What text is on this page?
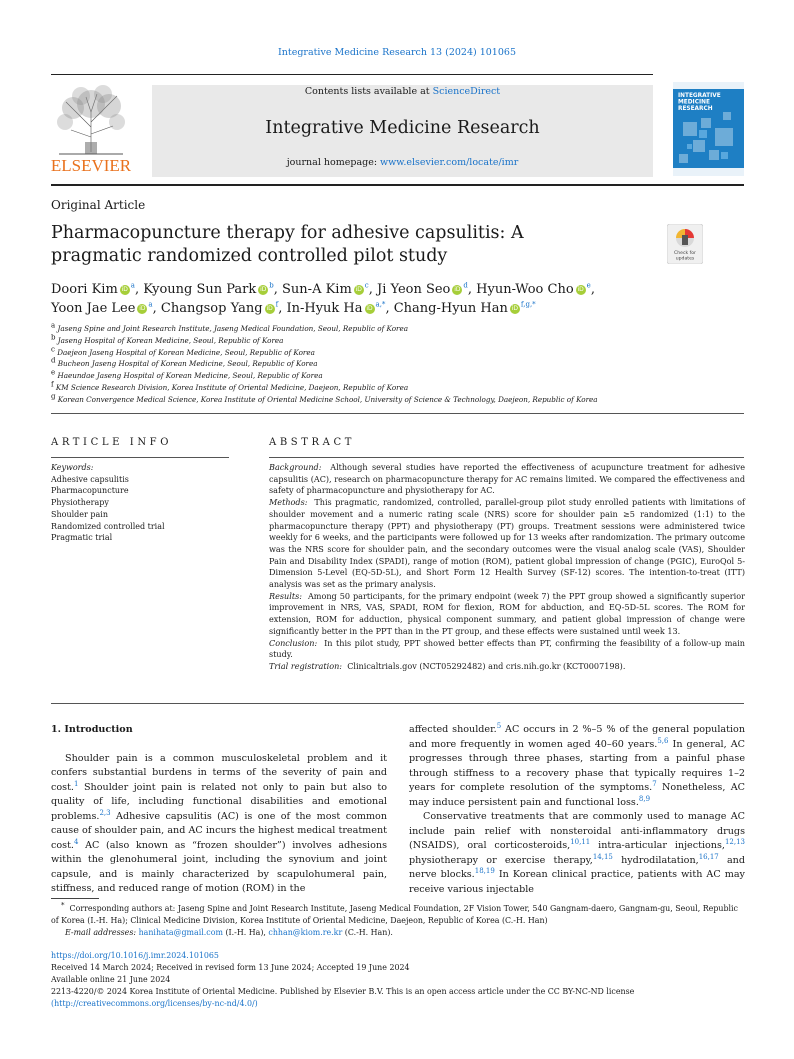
Integrative Medicine Research 13 (2024) 101065
ELSEVIER
Contents lists available at ScienceDirect
Integrative Medicine Research
journal homepage: www.elsevier.com/locate/imr
INTEGRATIVE
MEDICINE
RESEARCH
Original Article
Pharmacopuncture therapy for adhesive capsulitis: A pragmatic randomized controlled pilot study	Check for
updates
Doori Kim iD $^a$, Kyoung Sun Park iD $^b$, Sun-A Kim iD $^c$, Ji Yeon Seo iD $^d$, Hyun-Woo Cho iD $^e$,
Yoon Jae Lee iD $^a$, Changsop Yang iD $^f$, In-Hyuk Ha iD $^{a,*}$, Chang-Hyun Han iD $^{f,g,*}$
$^a$ Jaseng Spine and Joint Research Institute, Jaseng Medical Foundation, Seoul, Republic of Korea
$^b$ Jaseng Hospital of Korean Medicine, Seoul, Republic of Korea
$^c$ Daejeon Jaseng Hospital of Korean Medicine, Seoul, Republic of Korea
$^d$ Bucheon Jaseng Hospital of Korean Medicine, Seoul, Republic of Korea
$^e$ Haeundae Jaseng Hospital of Korean Medicine, Seoul, Republic of Korea
$^f$ KM Science Research Division, Korea Institute of Oriental Medicine, Daejeon, Republic of Korea
$^g$ Korean Convergence Medical Science, Korea Institute of Oriental Medicine School, University of Science & Technology, Daejeon, Republic of Korea
ARTICLE INFO	ABSTRACT
Keywords:
Adhesive capsulitis
Pharmacopuncture
Physiotherapy
Shoulder pain
Randomized controlled trial
Pragmatic trial

Background: Although several studies have reported the effectiveness of acupuncture treatment for adhesive capsulitis (AC), research on pharmacopuncture therapy for AC remains limited. We compared the effectiveness and safety of pharmacopuncture and physiotherapy for AC.

Methods: This pragmatic, randomized, controlled, parallel-group pilot study enrolled patients with limitations of shoulder movement and a numeric rating scale (NRS) score for shoulder pain ≥5 randomized (1:1) to the pharmacopuncture therapy (PPT) and physiotherapy (PT) groups. Treatment sessions were administered twice weekly for 6 weeks, and the participants were followed up for 13 weeks after randomization. The primary outcome was the NRS score for shoulder pain, and the secondary outcomes were the visual analog scale (VAS), Shoulder Pain and Disability Index (SPADI), range of motion (ROM), patient global impression of change (PGIC), EuroQol 5-Dimension 5-Level (EQ-5D-5L), and Short Form 12 Health Survey (SF-12) scores. The intention-to-treat (ITT) analysis was set as the primary analysis.

Results: Among 50 participants, for the primary endpoint (week 7) the PPT group showed a significantly superior improvement in NRS, VAS, SPADI, ROM for flexion, ROM for abduction, and EQ-5D-5L scores. The ROM for extension, ROM for adduction, physical component summary, and patient global impression of change were significantly better in the PPT than in the PT group, and these effects were sustained until week 13.

Conclusion: In this pilot study, PPT showed better effects than PT, confirming the feasibility of a follow-up main study.

Trial registration: Clinicaltrials.gov (NCT05292482) and cris.nih.go.kr (KCT0007198).

1. Introduction

Shoulder pain is a common musculoskeletal problem and it confers substantial burdens in terms of the severity of pain and cost.$^1$ Shoulder joint pain is related not only to pain but also to quality of life, including functional disabilities and emotional problems.$^{2,3}$ Adhesive capsulitis (AC) is one of the most common cause of shoulder pain, and AC incurs the highest medical treatment cost.$^4$ AC (also known as “frozen shoulder”) involves adhesions within the glenohumeral joint, including the synovium and joint capsule, and is mainly characterized by scapulohumeral pain, stiffness, and reduced range of motion (ROM) in the

affected shoulder.$^5$ AC occurs in 2 %–5 % of the general population and more frequently in women aged 40–60 years.$^{5,6}$ In general, AC progresses through three phases, starting from a painful phase through stiffness to a recovery phase that typically requires 1–2 years for complete resolution of the symptoms.$^7$ Nonetheless, AC may induce persistent pain and functional loss.$^{8,9}$

Conservative treatments that are commonly used to manage AC include pain relief with nonsteroidal anti-inflammatory drugs (NSAIDS), oral corticosteroids,$^{10,11}$ intra-articular injections,$^{12,13}$ physiotherapy or exercise therapy,$^{14,15}$ hydrodilatation,$^{16,17}$ and nerve blocks.$^{18,19}$ In Korean clinical practice, patients with AC may receive various injectable

* Corresponding authors at: Jaseng Spine and Joint Research Institute, Jaseng Medical Foundation, 2F Vision Tower, 540 Gangnam-daero, Gangnam-gu, Seoul, Republic of Korea (I.-H. Ha); Clinical Medicine Division, Korea Institute of Oriental Medicine, Daejeon, Republic of Korea (C.-H. Han)
E-mail addresses: hanihata@gmail.com (I.-H. Ha), chhan@kiom.re.kr (C.-H. Han).
https://doi.org/10.1016/j.imr.2024.101065
Received 14 March 2024; Received in revised form 13 June 2024; Accepted 19 June 2024
Available online 21 June 2024
2213-4220/© 2024 Korea Institute of Oriental Medicine. Published by Elsevier B.V. This is an open access article under the CC BY-NC-ND license
(http://creativecommons.org/licenses/by-nc-nd/4.0/)
